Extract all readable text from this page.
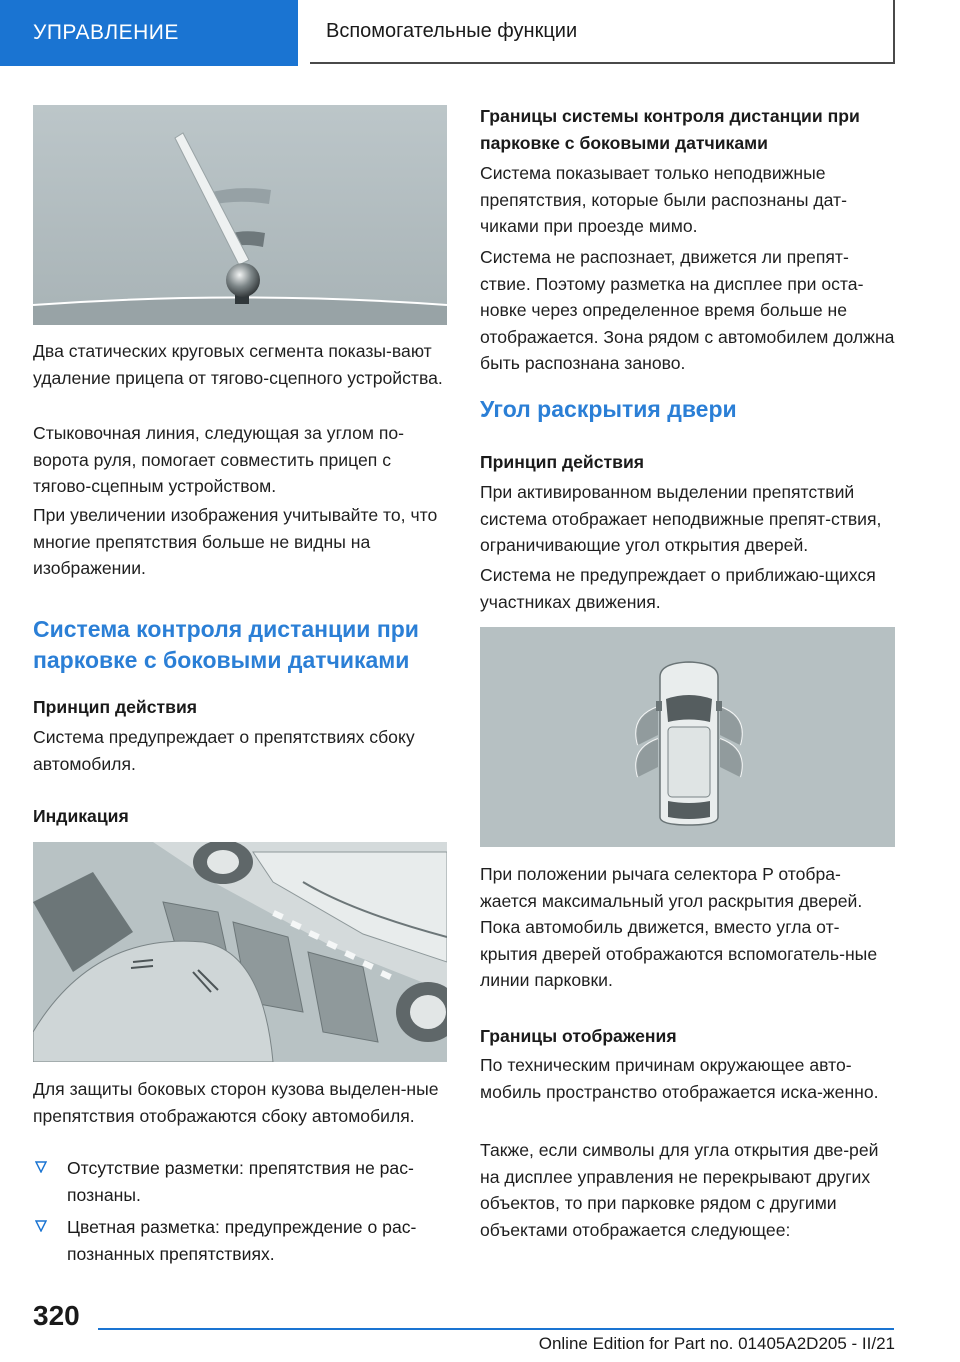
УПРАВЛЕНИЕ	Вспомогательные функции

Два статических круговых сегмента показы-вают удаление прицепа от тягово-сцепного устройства.

Стыковочная линия, следующая за углом по-ворота руля, помогает совместить прицеп с тягово-сцепным устройством.

При увеличении изображения учитывайте то, что многие препятствия больше не видны на изображении.

Система контроля дистанции при парковке с боковыми датчиками
Принцип действия

Система предупреждает о препятствиях сбоку автомобиля.

Индикация

Для защиты боковых сторон кузова выделен-ные препятствия отображаются сбоку автомобиля.

Отсутствие разметки: препятствия не рас-познаны.
Цветная разметка: предупреждение о рас-познанных препятствиях.
Границы системы контроля дистанции при парковке с боковыми датчиками

Система показывает только неподвижные препятствия, которые были распознаны дат-чиками при проезде мимо.

Система не распознает, движется ли препят-ствие. Поэтому разметка на дисплее при оста-новке через определенное время больше не отображается. Зона рядом с автомобилем должна быть распознана заново.

Угол раскрытия двери
Принцип действия

При активированном выделении препятствий система отображает неподвижные препят-ствия, ограничивающие угол открытия дверей.

Система не предупреждает о приближаю-щихся участниках движения.

При положении рычага селектора P отобра-жается максимальный угол раскрытия дверей. Пока автомобиль движется, вместо угла от-крытия дверей отображаются вспомогатель-ные линии парковки.

Границы отображения

По техническим причинам окружающее авто-мобиль пространство отображается иска-женно.

Также, если символы для угла открытия две-рей на дисплее управления не перекрывают других объектов, то при парковке рядом с другими объектами отображается следующее:

320
Online Edition for Part no. 01405A2D205 - II/21
